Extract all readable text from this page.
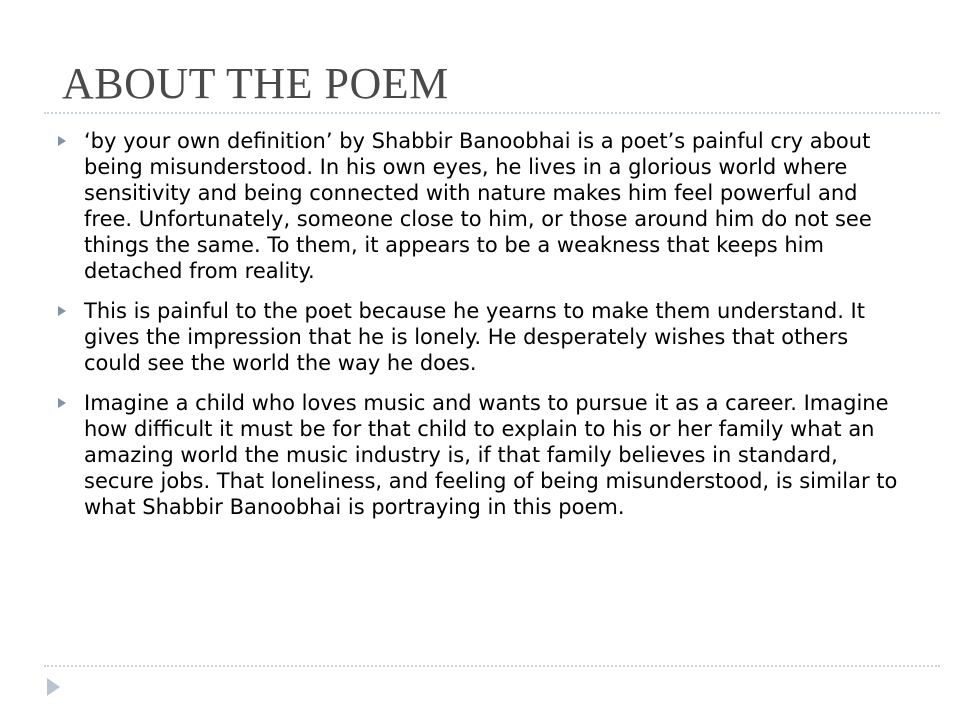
ABOUT THE POEM
‘by your own definition’ by Shabbir Banoobhai is a poet’s painful cry about being misunderstood. In his own eyes, he lives in a glorious world where sensitivity and being connected with nature makes him feel powerful and free. Unfortunately, someone close to him, or those around him do not see things the same. To them, it appears to be a weakness that keeps him detached from reality.
This is painful to the poet because he yearns to make them understand. It gives the impression that he is lonely. He desperately wishes that others could see the world the way he does.
Imagine a child who loves music and wants to pursue it as a career. Imagine how difficult it must be for that child to explain to his or her family what an amazing world the music industry is, if that family believes in standard, secure jobs. That loneliness, and feeling of being misunderstood, is similar to what Shabbir Banoobhai is portraying in this poem.
